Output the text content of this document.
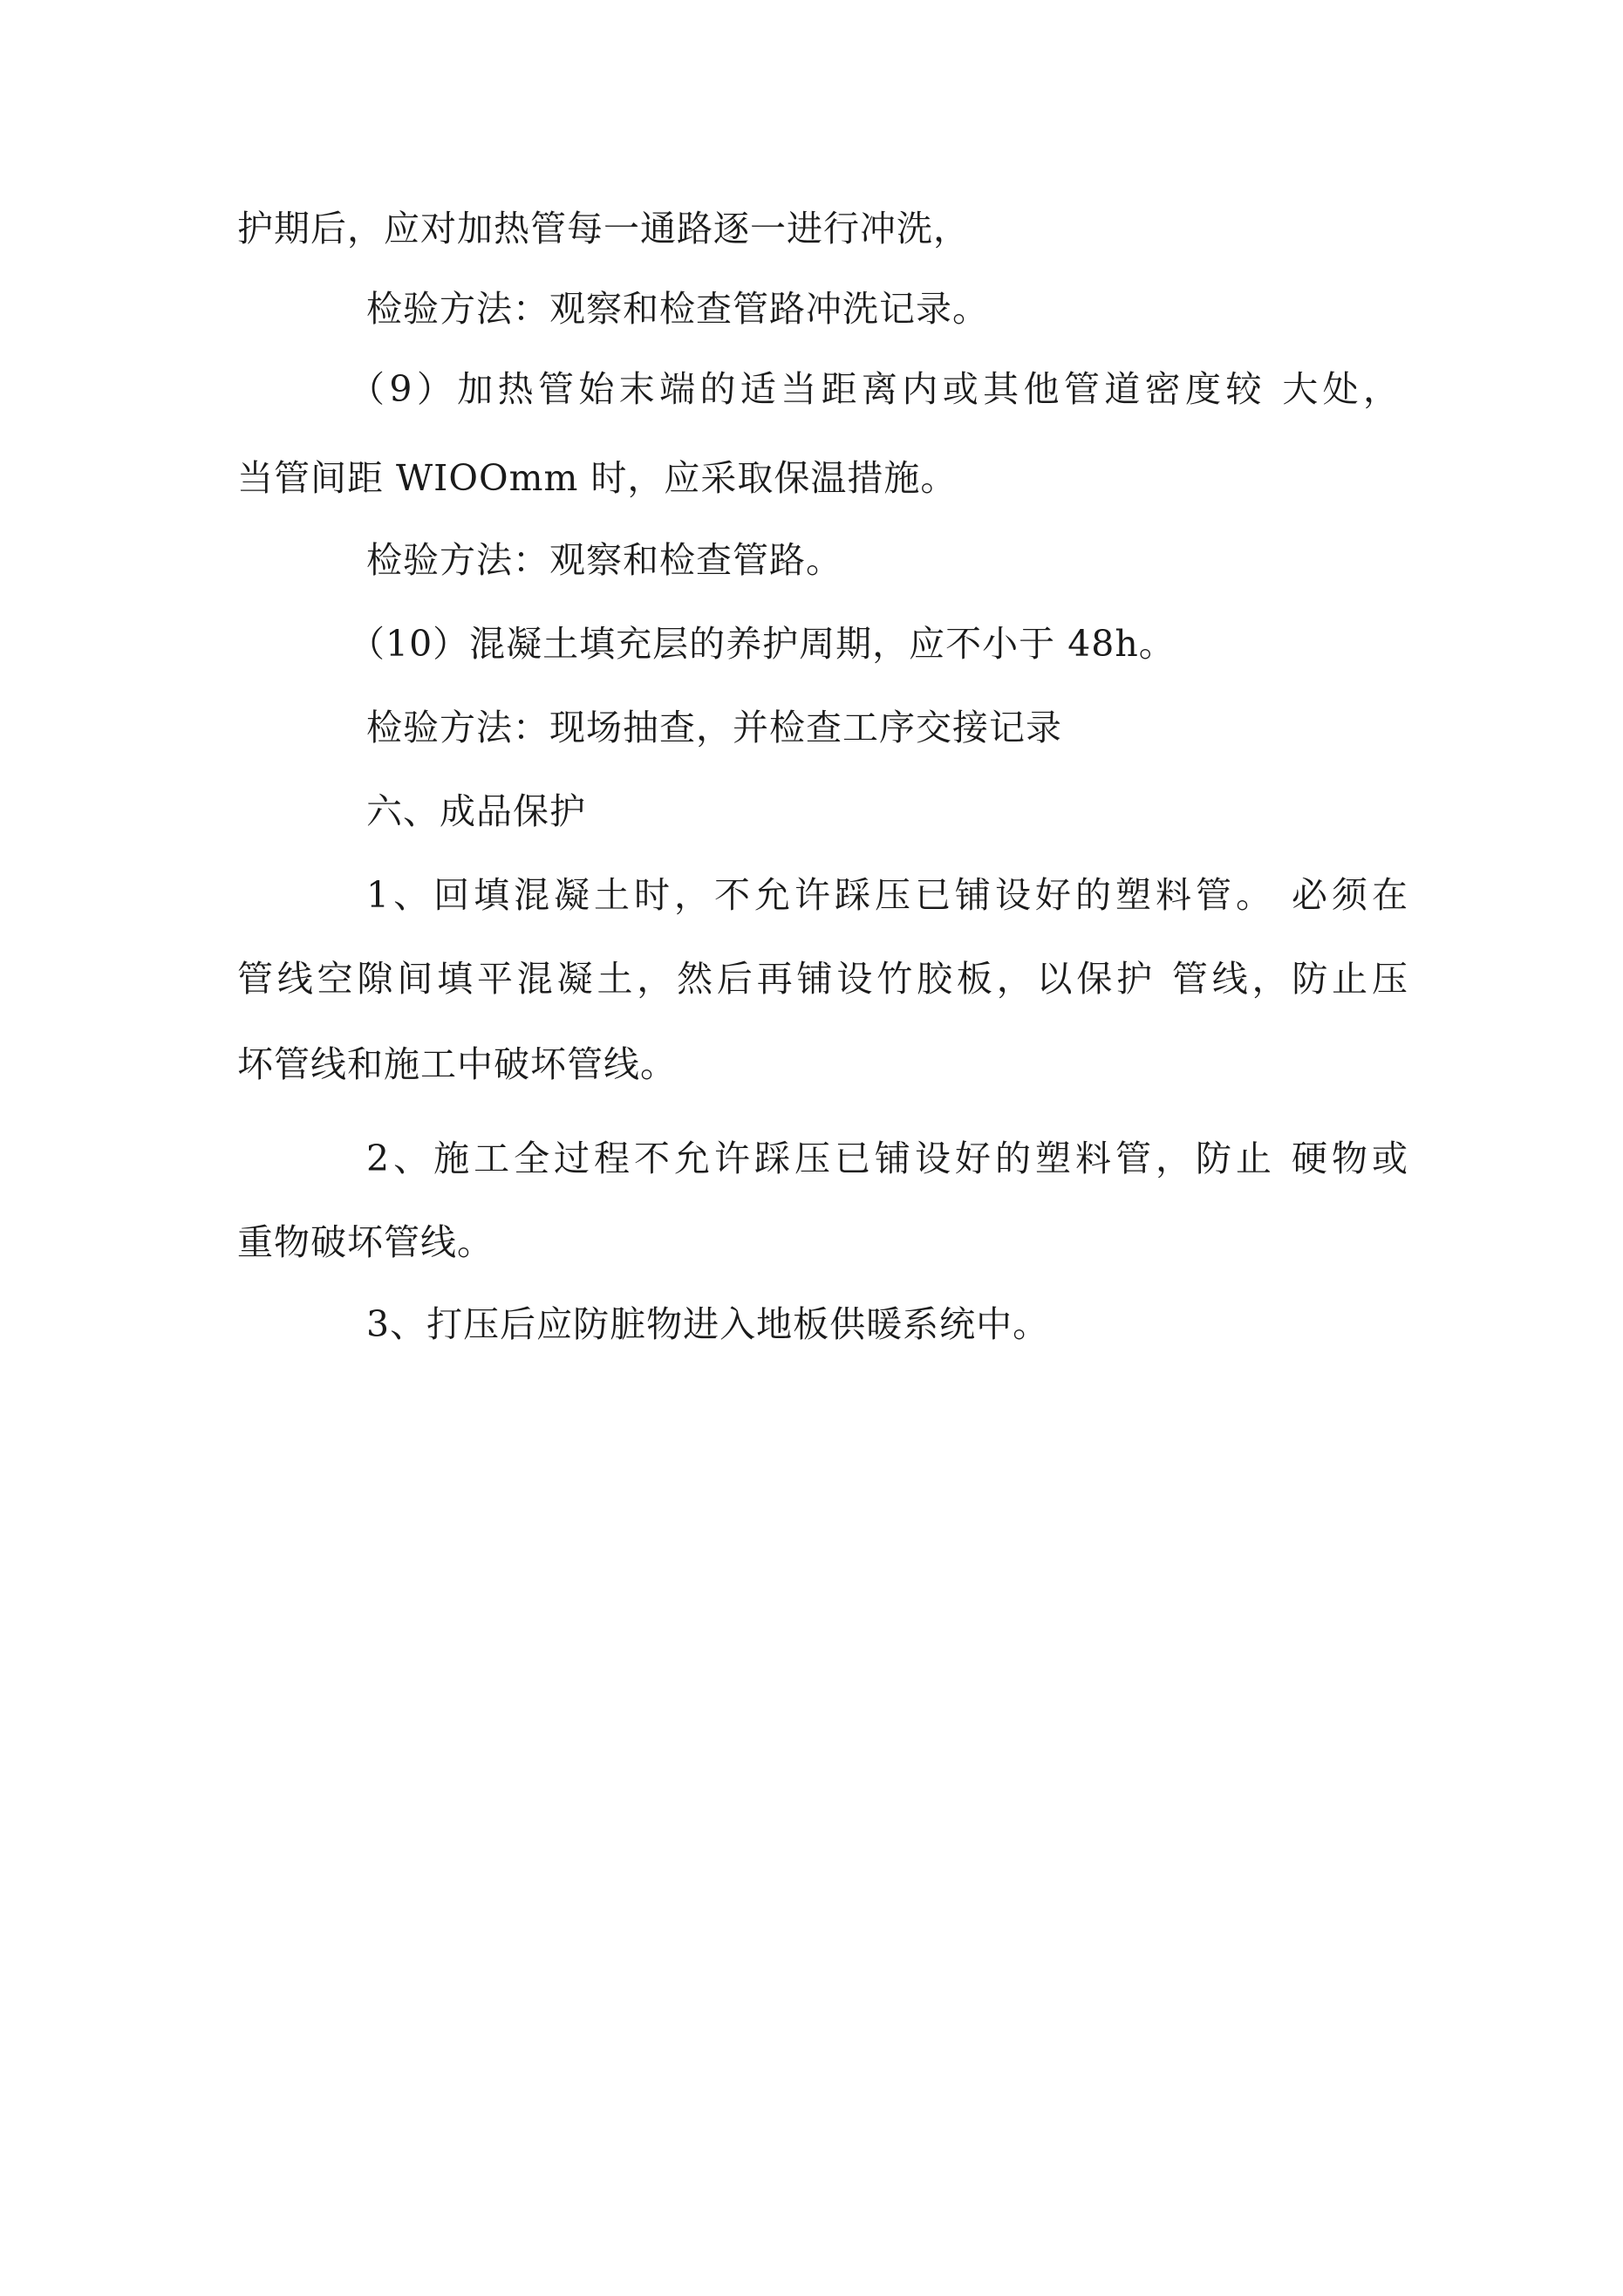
护期后，应对加热管每一通路逐一进行冲洗，
检验方法：观察和检查管路冲洗记录。
（9）加热管始末端的适当距离内或其他管道密度较 大处，
当管间距 WIOOmm 时，应采取保温措施。
检验方法：观察和检查管路。
（10）混凝土填充层的养护周期，应不小于 48h。
检验方法：现场抽查，并检查工序交接记录
六、成品保护
1、回填混凝土时，不允许踩压已铺设好的塑料管。 必须在
管线空隙间填平混凝土，然后再铺设竹胶板，以保护 管线，防止压
坏管线和施工中破坏管线。
2、施工全过程不允许踩压已铺设好的塑料管，防止 硬物或
重物破坏管线。
3、打压后应防脏物进入地板供暖系统中。
